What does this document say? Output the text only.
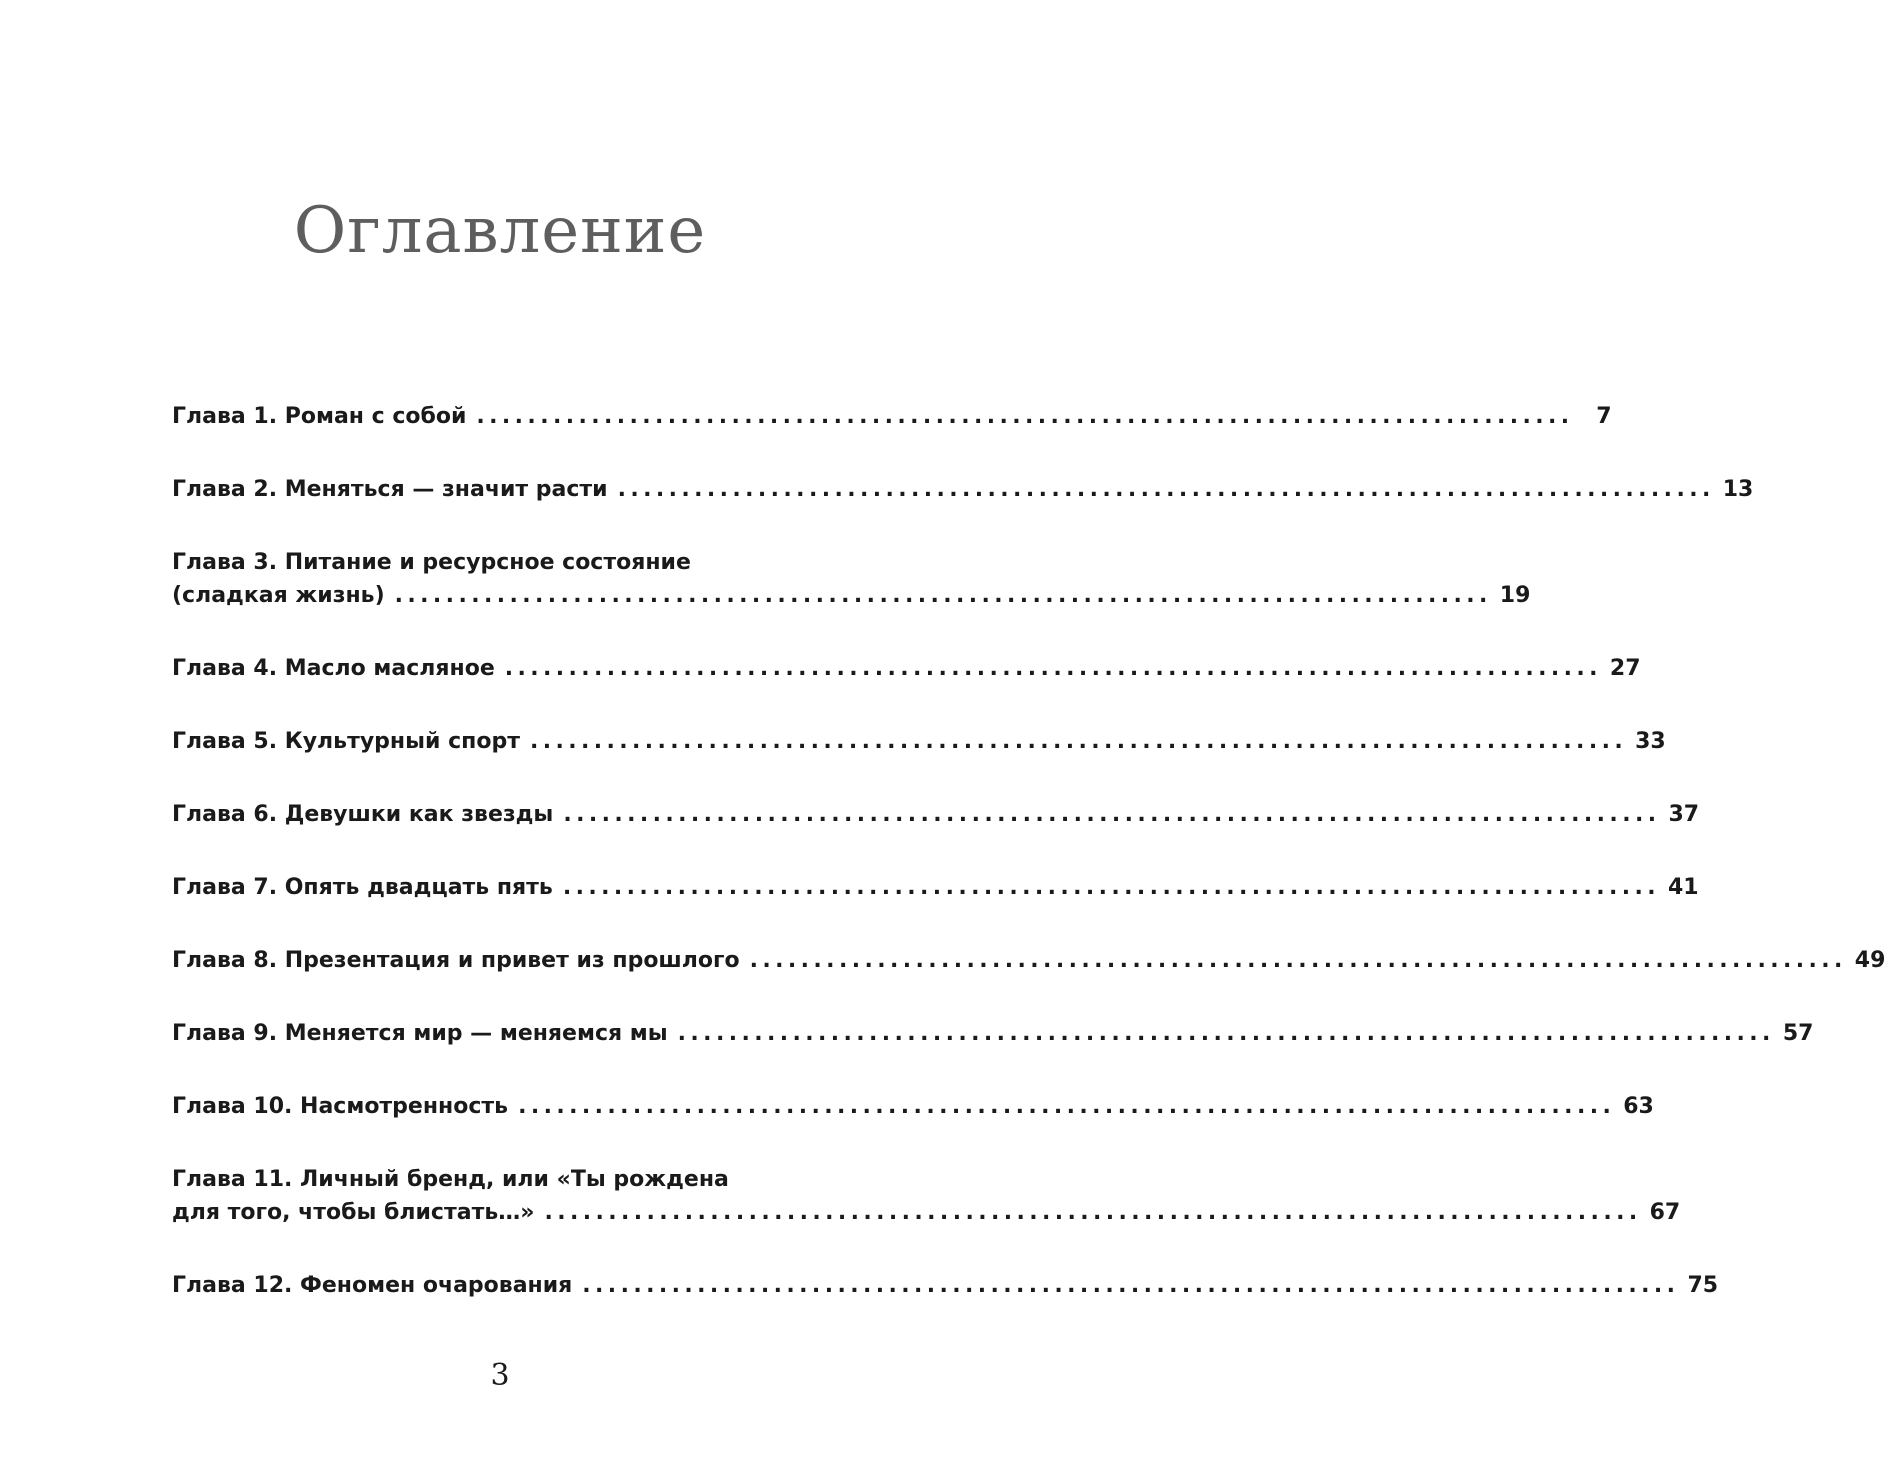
Оглавление
Глава 1. Роман с собой ......................................................................................	7
Глава 2. Меняться — значит расти ...................................................................................... 13
Глава 3. Питание и ресурсное состояние
(сладкая жизнь) ...................................................................................... 19
Глава 4. Масло масляное ...................................................................................... 27
Глава 5. Культурный спорт ...................................................................................... 33
Глава 6. Девушки как звезды ...................................................................................... 37
Глава 7. Опять двадцать пять ...................................................................................... 41
Глава 8. Презентация и привет из прошлого ...................................................................................... 49
Глава 9. Меняется мир — меняемся мы ...................................................................................... 57
Глава 10. Насмотренность ...................................................................................... 63
Глава 11. Личный бренд, или «Ты рождена
для того, чтобы блистать…» ...................................................................................... 67
Глава 12. Феномен очарования ...................................................................................... 75
3
